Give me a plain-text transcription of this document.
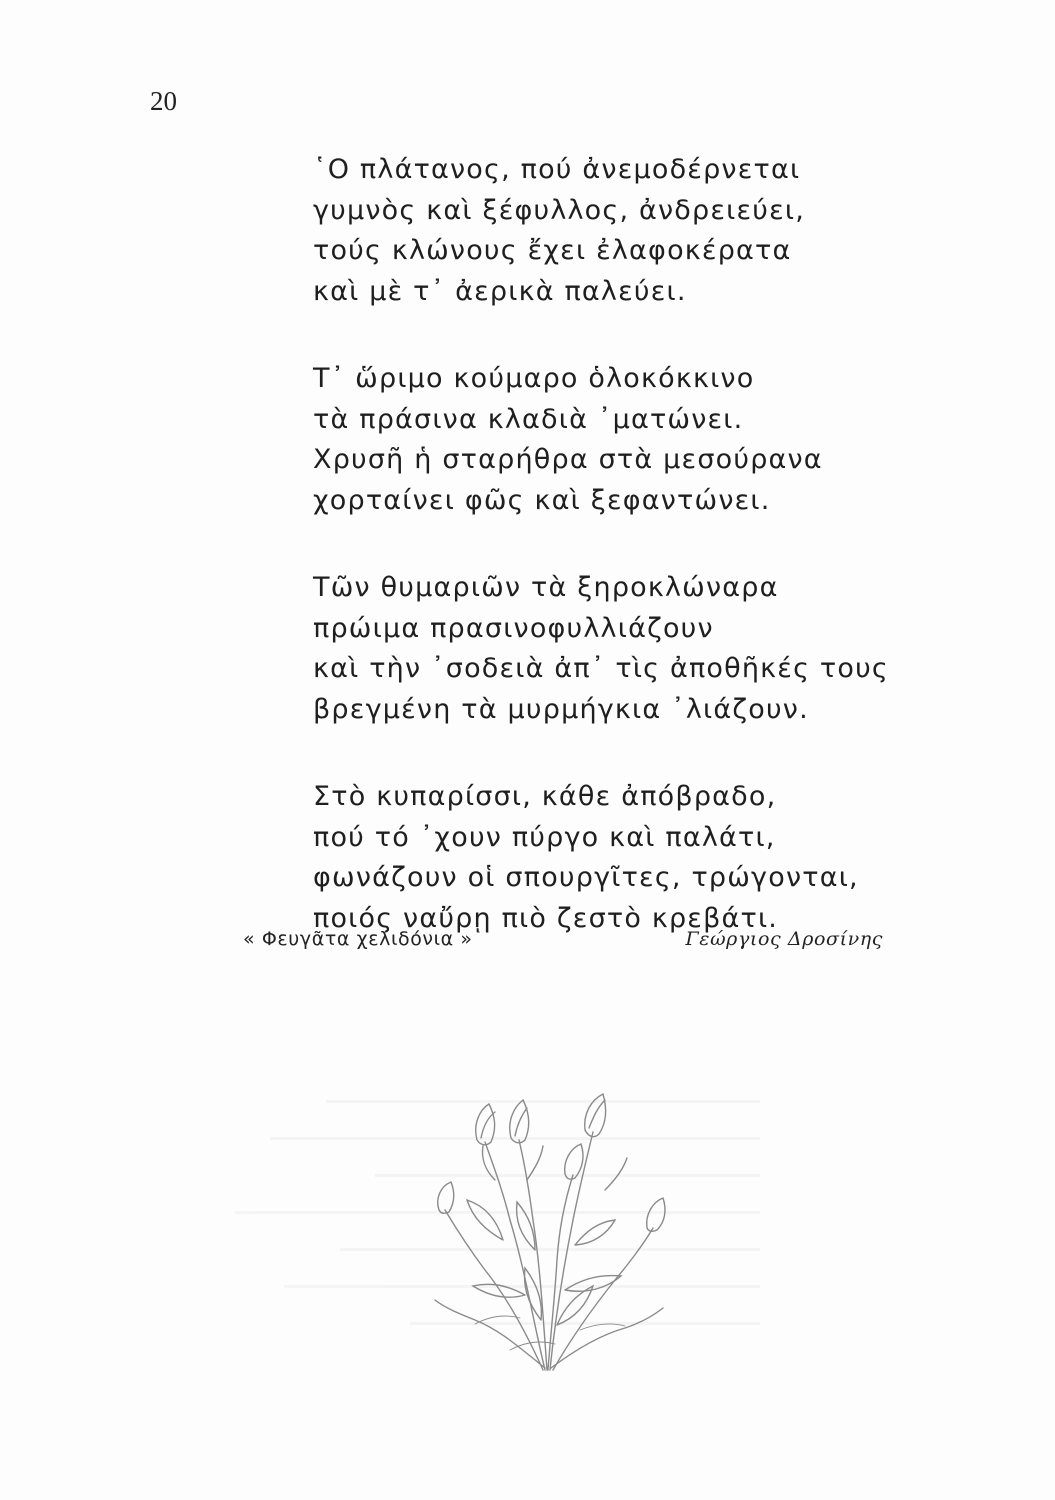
20
῾Ο πλάτανος, πού ἀνεμοδέρνεται
γυμνὸς καὶ ξέφυλλος, ἀνδρειεύει,
τούς κλώνους ἔχει ἐλαφοκέρατα
καὶ μὲ τ᾽ ἀερικὰ παλεύει.
Τ᾽ ὥριμο κούμαρο ὁλοκόκκινο
τὰ πράσινα κλαδιὰ ᾽ματώνει.
Χρυσῆ ἡ σταρήθρα στὰ μεσούρανα
χορταίνει φῶς καὶ ξεφαντώνει.
Τῶν θυμαριῶν τὰ ξηροκλώναρα
πρώιμα πρασινοφυλλιάζουν
καὶ τὴν ᾽σοδειὰ ἀπ᾽ τὶς ἀποθῆκές τους
βρεγμένη τὰ μυρμήγκια ᾽λιάζουν.
Στὸ κυπαρίσσι, κάθε ἀπόβραδο,
πού τό ᾽χουν πύργο καὶ παλάτι,
φωνάζουν οἱ σπουργῖτες, τρώγονται,
ποιός ναὔρῃ πιὸ ζεστὸ κρεβάτι.
« Φευγᾶτα χελιδόνια »	Γεώργιος Δροσίνης
